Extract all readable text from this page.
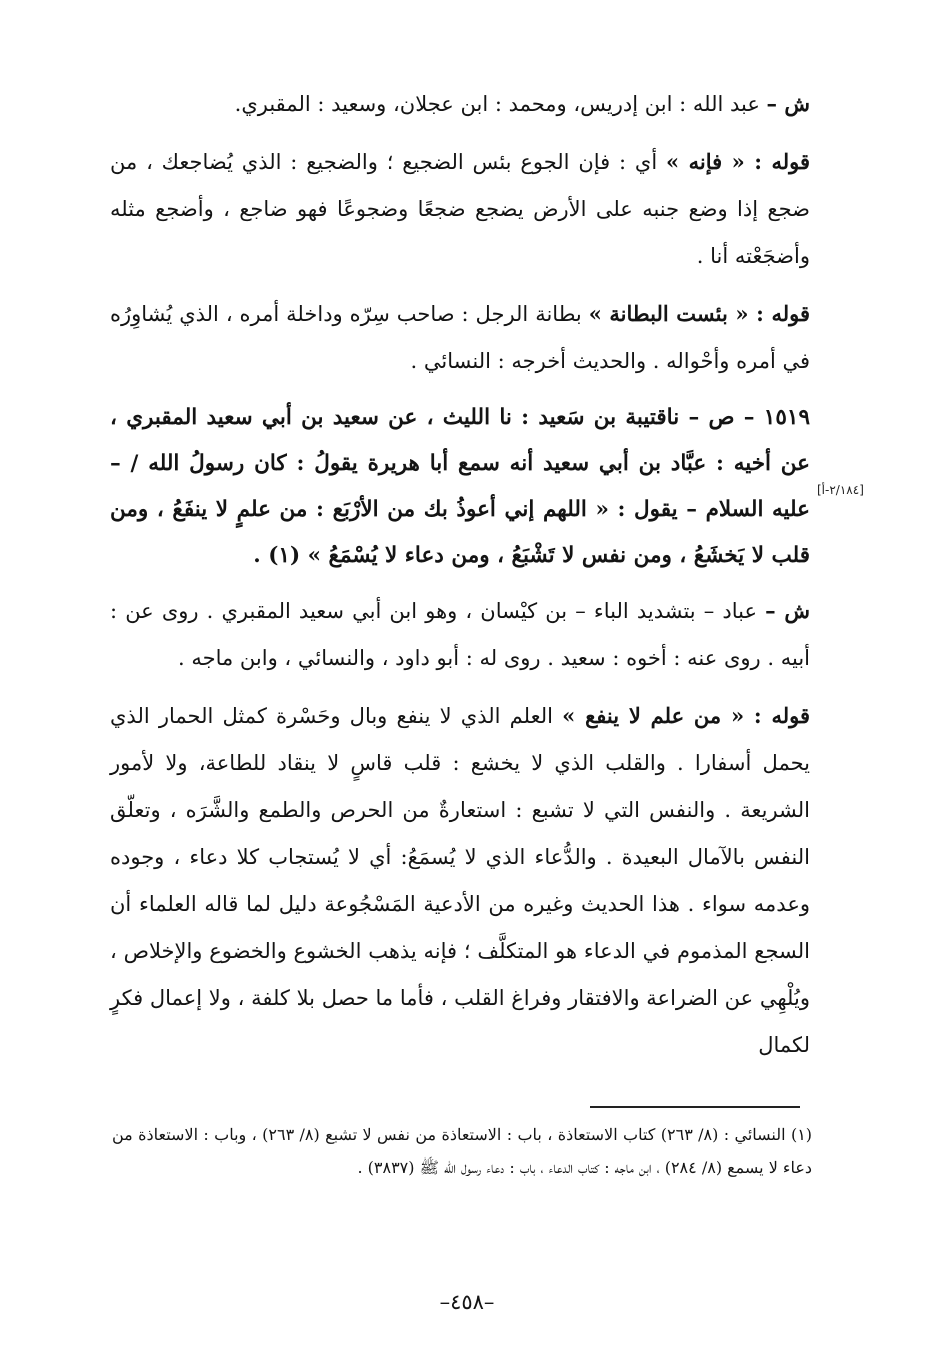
ش – عبد الله : ابن إدريس، ومحمد : ابن عجلان، وسعيد : المقبري.

قوله : « فإنه » أي : فإن الجوع بئس الضجيع ؛ والضجيع : الذي يُضاجعك ، من ضجع إذا وضع جنبه على الأرض يضجع ضجعًا وضجوعًا فهو ضاجع ، وأضجع مثله وأضجَعْته أنا .

قوله : « بئست البطانة » بطانة الرجل : صاحب سِرّه وداخلة أمره ، الذي يُشاوِرُه في أمره وأحْواله . والحديث أخرجه : النسائي .

١٥١٩ – ص – ناقتيبة بن سَعيد : نا الليث ، عن سعيد بن أبي سعيد المقبري ، عن أخيه : عبَّاد بن أبي سعيد أنه سمع أبا هريرة يقولُ : كان رسولُ الله / – عليه السلام – يقول : « اللهم إني أعوذُ بك من الأرْبَع : من علمٍ لا ينفَعُ ، ومن قلب لا يَخشَعُ ، ومن نفس لا تَشْبَعُ ، ومن دعاء لا يُسْمَعُ » (١) .

ش – عباد – بتشديد الباء – بن كيْسان ، وهو ابن أبي سعيد المقبري . روى عن : أبيه . روى عنه : أخوه : سعيد . روى له : أبو داود ، والنسائي ، وابن ماجه .

قوله : « من علم لا ينفع » العلم الذي لا ينفع وبال وحَسْرة كمثل الحمار الذي يحمل أسفارا . والقلب الذي لا يخشع : قلب قاسٍ لا ينقاد للطاعة، ولا لأمور الشريعة . والنفس التي لا تشبع : استعارةٌ من الحرص والطمع والشَّرَه ، وتعلّق النفس بالآمال البعيدة . والدُّعاء الذي لا يُسمَعُ: أي لا يُستجاب كلا دعاء ، وجوده وعدمه سواء . هذا الحديث وغيره من الأدعية المَسْجُوعة دليل لما قاله العلماء أن السجع المذموم في الدعاء هو المتكلَّف ؛ فإنه يذهب الخشوع والخضوع والإخلاص ، ويُلْهِي عن الضراعة والافتقار وفراغ القلب ، فأما ما حصل بلا كلفة ، ولا إعمال فكرٍ لكمال

[٢/١٨٤-أ]

(١) النسائي : (٨/ ٢٦٣) كتاب الاستعاذة ، باب : الاستعاذة من نفس لا تشبع (٨/ ٢٦٣) ، وباب : الاستعاذة من دعاء لا يسمع (٨/ ٢٨٤) ، ابن ماجه : كتاب الدعاء ، باب : دعاء رسول الله ﷺ (٣٨٣٧) .

–٤٥٨–
